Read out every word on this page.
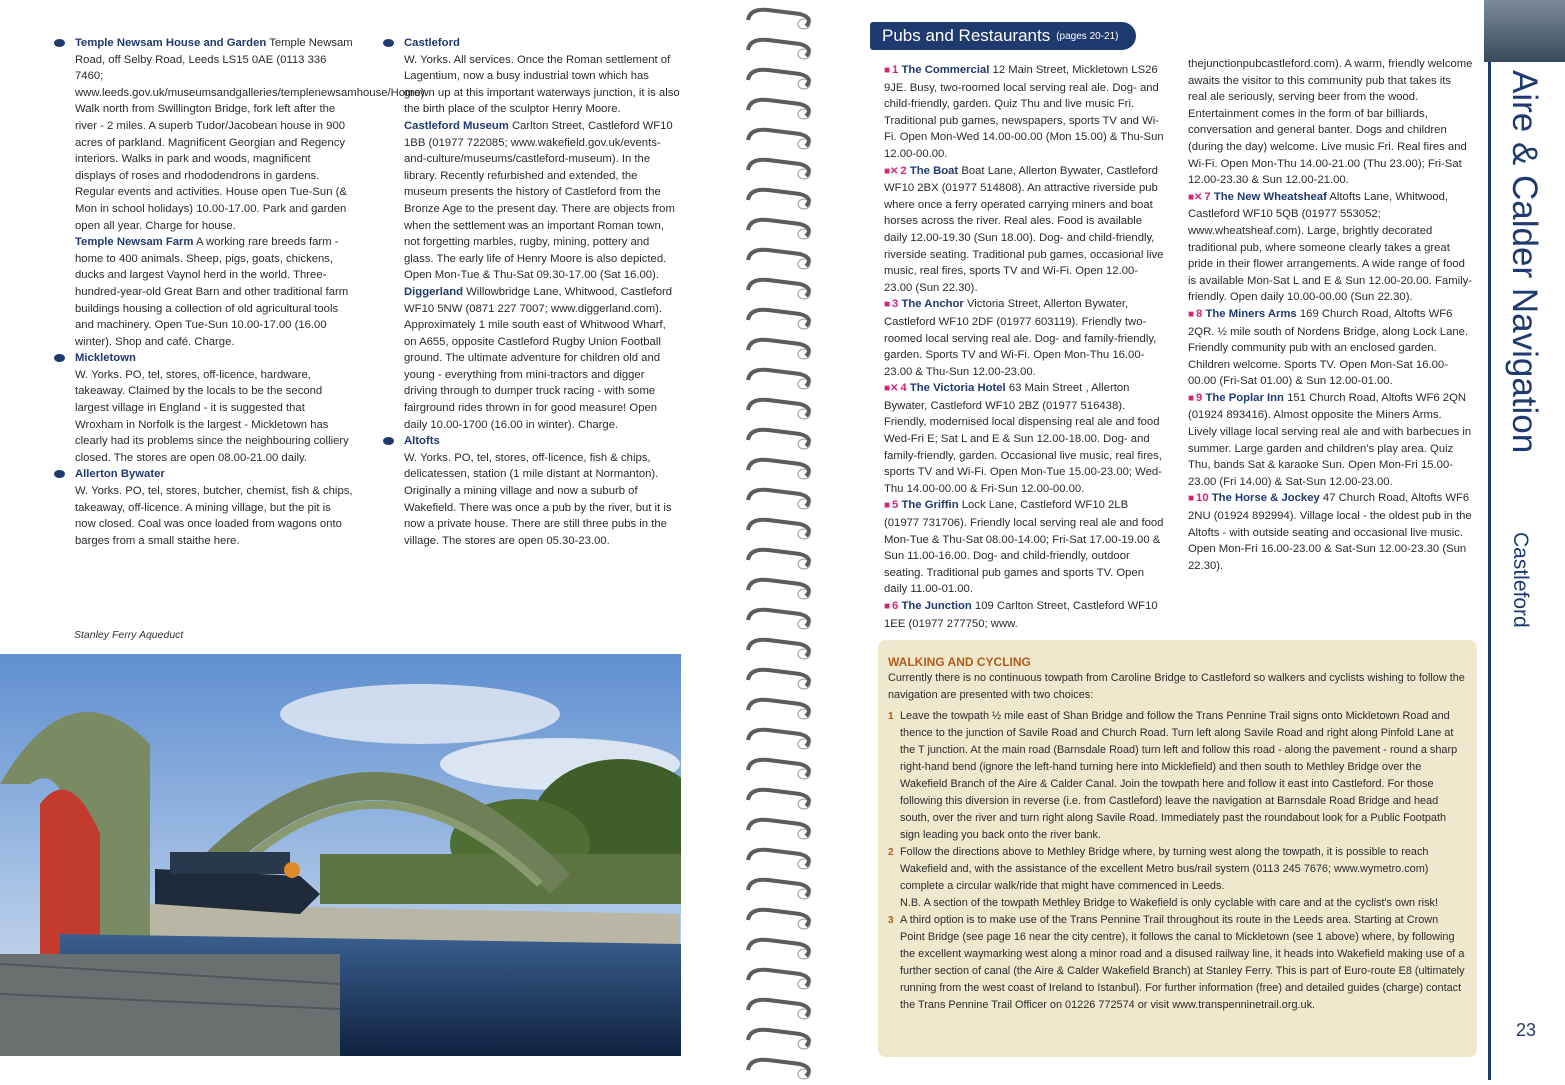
Temple Newsam House and Garden Temple Newsam Road, off Selby Road, Leeds LS15 0AE (0113 336 7460; www.leeds.gov.uk/museumsandgalleries/templenewsamhouse/Home). Walk north from Swillington Bridge, fork left after the river - 2 miles. A superb Tudor/Jacobean house in 900 acres of parkland. Magnificent Georgian and Regency interiors. Walks in park and woods, magnificent displays of roses and rhododendrons in gardens. Regular events and activities. House open Tue-Sun (& Mon in school holidays) 10.00-17.00. Park and garden open all year. Charge for house.

Temple Newsam Farm A working rare breeds farm - home to 400 animals. Sheep, pigs, goats, chickens, ducks and largest Vaynol herd in the world. Three-hundred-year-old Great Barn and other traditional farm buildings housing a collection of old agricultural tools and machinery. Open Tue-Sun 10.00-17.00 (16.00 winter). Shop and café. Charge.

Mickletown
W. Yorks. PO, tel, stores, off-licence, hardware, takeaway. Claimed by the locals to be the second largest village in England - it is suggested that Wroxham in Norfolk is the largest - Mickletown has clearly had its problems since the neighbouring colliery closed. The stores are open 08.00-21.00 daily.

Allerton Bywater
W. Yorks. PO, tel, stores, butcher, chemist, fish & chips, takeaway, off-licence. A mining village, but the pit is now closed. Coal was once loaded from wagons onto barges from a small staithe here.

Castleford
W. Yorks. All services. Once the Roman settlement of Lagentium, now a busy industrial town which has grown up at this important waterways junction, it is also the birth place of the sculptor Henry Moore.

Castleford Museum Carlton Street, Castleford WF10 1BB (01977 722085; www.wakefield.gov.uk/events-and-culture/museums/castleford-museum). In the library. Recently refurbished and extended, the museum presents the history of Castleford from the Bronze Age to the present day. There are objects from when the settlement was an important Roman town, not forgetting marbles, rugby, mining, pottery and glass. The early life of Henry Moore is also depicted. Open Mon-Tue & Thu-Sat 09.30-17.00 (Sat 16.00).

Diggerland Willowbridge Lane, Whitwood, Castleford WF10 5NW (0871 227 7007; www.diggerland.com). Approximately 1 mile south east of Whitwood Wharf, on A655, opposite Castleford Rugby Union Football ground. The ultimate adventure for children old and young - everything from mini-tractors and digger driving through to dumper truck racing - with some fairground rides thrown in for good measure! Open daily 10.00-1700 (16.00 in winter). Charge.

Altofts
W. Yorks. PO, tel, stores, off-licence, fish & chips, delicatessen, station (1 mile distant at Normanton). Originally a mining village and now a suburb of Wakefield. There was once a pub by the river, but it is now a private house. There are still three pubs in the village. The stores are open 05.30-23.00.

Stanley Ferry Aqueduct
Pubs and Restaurants (pages 20-21)

■ 1 The Commercial 12 Main Street, Mickletown LS26 9JE. Busy, two-roomed local serving real ale. Dog- and child-friendly, garden. Quiz Thu and live music Fri. Traditional pub games, newspapers, sports TV and Wi-Fi. Open Mon-Wed 14.00-00.00 (Mon 15.00) & Thu-Sun 12.00-00.00.

■✕ 2 The Boat Boat Lane, Allerton Bywater, Castleford WF10 2BX (01977 514808). An attractive riverside pub where once a ferry operated carrying miners and boat horses across the river. Real ales. Food is available daily 12.00-19.30 (Sun 18.00). Dog- and child-friendly, riverside seating. Traditional pub games, occasional live music, real fires, sports TV and Wi-Fi. Open 12.00-23.00 (Sun 22.30).

■ 3 The Anchor Victoria Street, Allerton Bywater, Castleford WF10 2DF (01977 603119). Friendly two-roomed local serving real ale. Dog- and family-friendly, garden. Sports TV and Wi-Fi. Open Mon-Thu 16.00-23.00 & Thu-Sun 12.00-23.00.

■✕ 4 The Victoria Hotel 63 Main Street , Allerton Bywater, Castleford WF10 2BZ (01977 516438). Friendly, modernised local dispensing real ale and food Wed-Fri E; Sat L and E & Sun 12.00-18.00. Dog- and family-friendly, garden. Occasional live music, real fires, sports TV and Wi-Fi. Open Mon-Tue 15.00-23.00; Wed-Thu 14.00-00.00 & Fri-Sun 12.00-00.00.

■ 5 The Griffin Lock Lane, Castleford WF10 2LB (01977 731706). Friendly local serving real ale and food Mon-Tue & Thu-Sat 08.00-14.00; Fri-Sat 17.00-19.00 & Sun 11.00-16.00. Dog- and child-friendly, outdoor seating. Traditional pub games and sports TV. Open daily 11.00-01.00.

■ 6 The Junction 109 Carlton Street, Castleford WF10 1EE (01977 277750; www.

thejunctionpubcastleford.com). A warm, friendly welcome awaits the visitor to this community pub that takes its real ale seriously, serving beer from the wood. Entertainment comes in the form of bar billiards, conversation and general banter. Dogs and children (during the day) welcome. Live music Fri. Real fires and Wi-Fi. Open Mon-Thu 14.00-21.00 (Thu 23.00); Fri-Sat 12.00-23.30 & Sun 12.00-21.00.

■✕ 7 The New Wheatsheaf Altofts Lane, Whitwood, Castleford WF10 5QB (01977 553052; www.wheatsheaf.com). Large, brightly decorated traditional pub, where someone clearly takes a great pride in their flower arrangements. A wide range of food is available Mon-Sat L and E & Sun 12.00-20.00. Family-friendly. Open daily 10.00-00.00 (Sun 22.30).

■ 8 The Miners Arms 169 Church Road, Altofts WF6 2QR. ½ mile south of Nordens Bridge, along Lock Lane. Friendly community pub with an enclosed garden. Children welcome. Sports TV. Open Mon-Sat 16.00-00.00 (Fri-Sat 01.00) & Sun 12.00-01.00.

■ 9 The Poplar Inn 151 Church Road, Altofts WF6 2QN (01924 893416). Almost opposite the Miners Arms. Lively village local serving real ale and with barbecues in summer. Large garden and children's play area. Quiz Thu, bands Sat & karaoke Sun. Open Mon-Fri 15.00-23.00 (Fri 14.00) & Sat-Sun 12.00-23.00.

■ 10 The Horse & Jockey 47 Church Road, Altofts WF6 2NU (01924 892994). Village local - the oldest pub in the Altofts - with outside seating and occasional live music. Open Mon-Fri 16.00-23.00 & Sat-Sun 12.00-23.30 (Sun 22.30).

WALKING AND CYCLING

Currently there is no continuous towpath from Caroline Bridge to Castleford so walkers and cyclists wishing to follow the navigation are presented with two choices:

1 Leave the towpath ½ mile east of Shan Bridge and follow the Trans Pennine Trail signs onto Mickletown Road and thence to the junction of Savile Road and Church Road. Turn left along Savile Road and right along Pinfold Lane at the T junction. At the main road (Barnsdale Road) turn left and follow this road - along the pavement - round a sharp right-hand bend (ignore the left-hand turning here into Micklefield) and then south to Methley Bridge over the Wakefield Branch of the Aire & Calder Canal. Join the towpath here and follow it east into Castleford. For those following this diversion in reverse (i.e. from Castleford) leave the navigation at Barnsdale Road Bridge and head south, over the river and turn right along Savile Road. Immediately past the roundabout look for a Public Footpath sign leading you back onto the river bank.

2 Follow the directions above to Methley Bridge where, by turning west along the towpath, it is possible to reach Wakefield and, with the assistance of the excellent Metro bus/rail system (0113 245 7676; www.wymetro.com) complete a circular walk/ride that might have commenced in Leeds.

N.B. A section of the towpath Methley Bridge to Wakefield is only cyclable with care and at the cyclist's own risk!

3 A third option is to make use of the Trans Pennine Trail throughout its route in the Leeds area. Starting at Crown Point Bridge (see page 16 near the city centre), it follows the canal to Mickletown (see 1 above) where, by following the excellent waymarking west along a minor road and a disused railway line, it heads into Wakefield making use of a further section of canal (the Aire & Calder Wakefield Branch) at Stanley Ferry. This is part of Euro-route E8 (ultimately running from the west coast of Ireland to Istanbul). For further information (free) and detailed guides (charge) contact the Trans Pennine Trail Officer on 01226 772574 or visit www.transpenninetrail.org.uk.

Aire & Calder Navigation
Castleford
23
